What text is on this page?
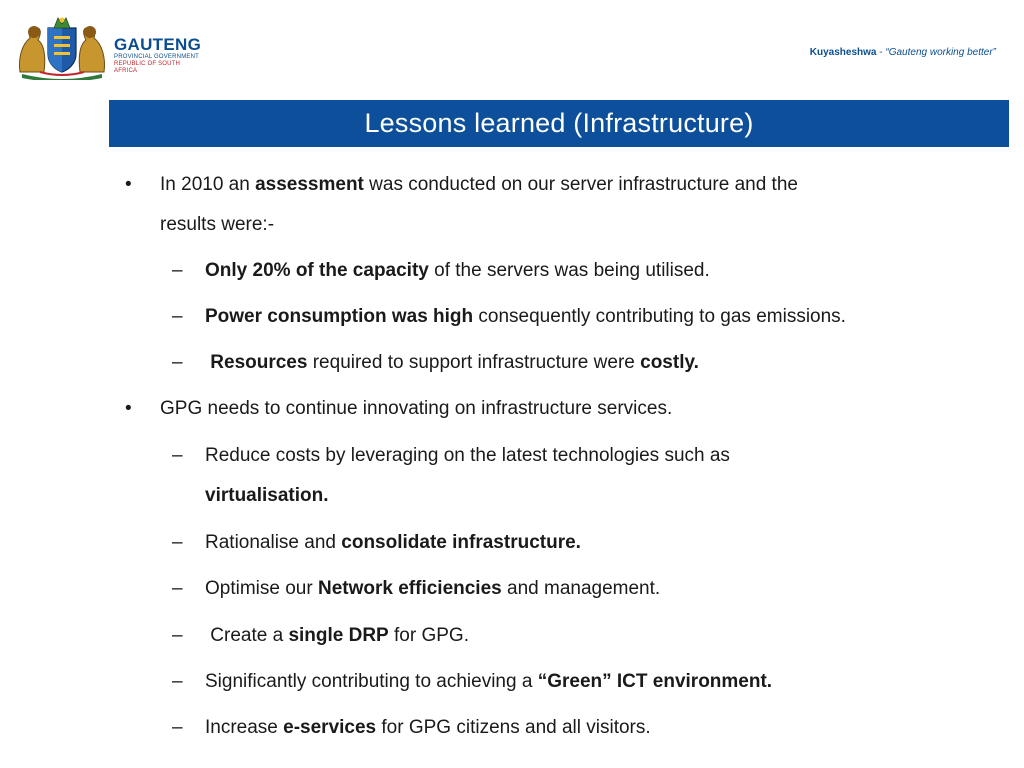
GAUTENG
PROVINCIAL GOVERNMENT
REPUBLIC OF SOUTH AFRICA
Kuyasheshwa - “Gauteng working better”
Lessons learned (Infrastructure)
• In 2010 an assessment was conducted on our server infrastructure and the
results were:-
– Only 20% of the capacity of the servers was being utilised.
– Power consumption was high consequently contributing to gas emissions.
– Resources required to support infrastructure were costly.
• GPG needs to continue innovating on infrastructure services.
– Reduce costs by leveraging on the latest technologies such as
virtualisation.
– Rationalise and consolidate infrastructure.
– Optimise our Network efficiencies and management.
– Create a single DRP for GPG.
– Significantly contributing to achieving a “Green” ICT environment.
– Increase e-services for GPG citizens and all visitors.
